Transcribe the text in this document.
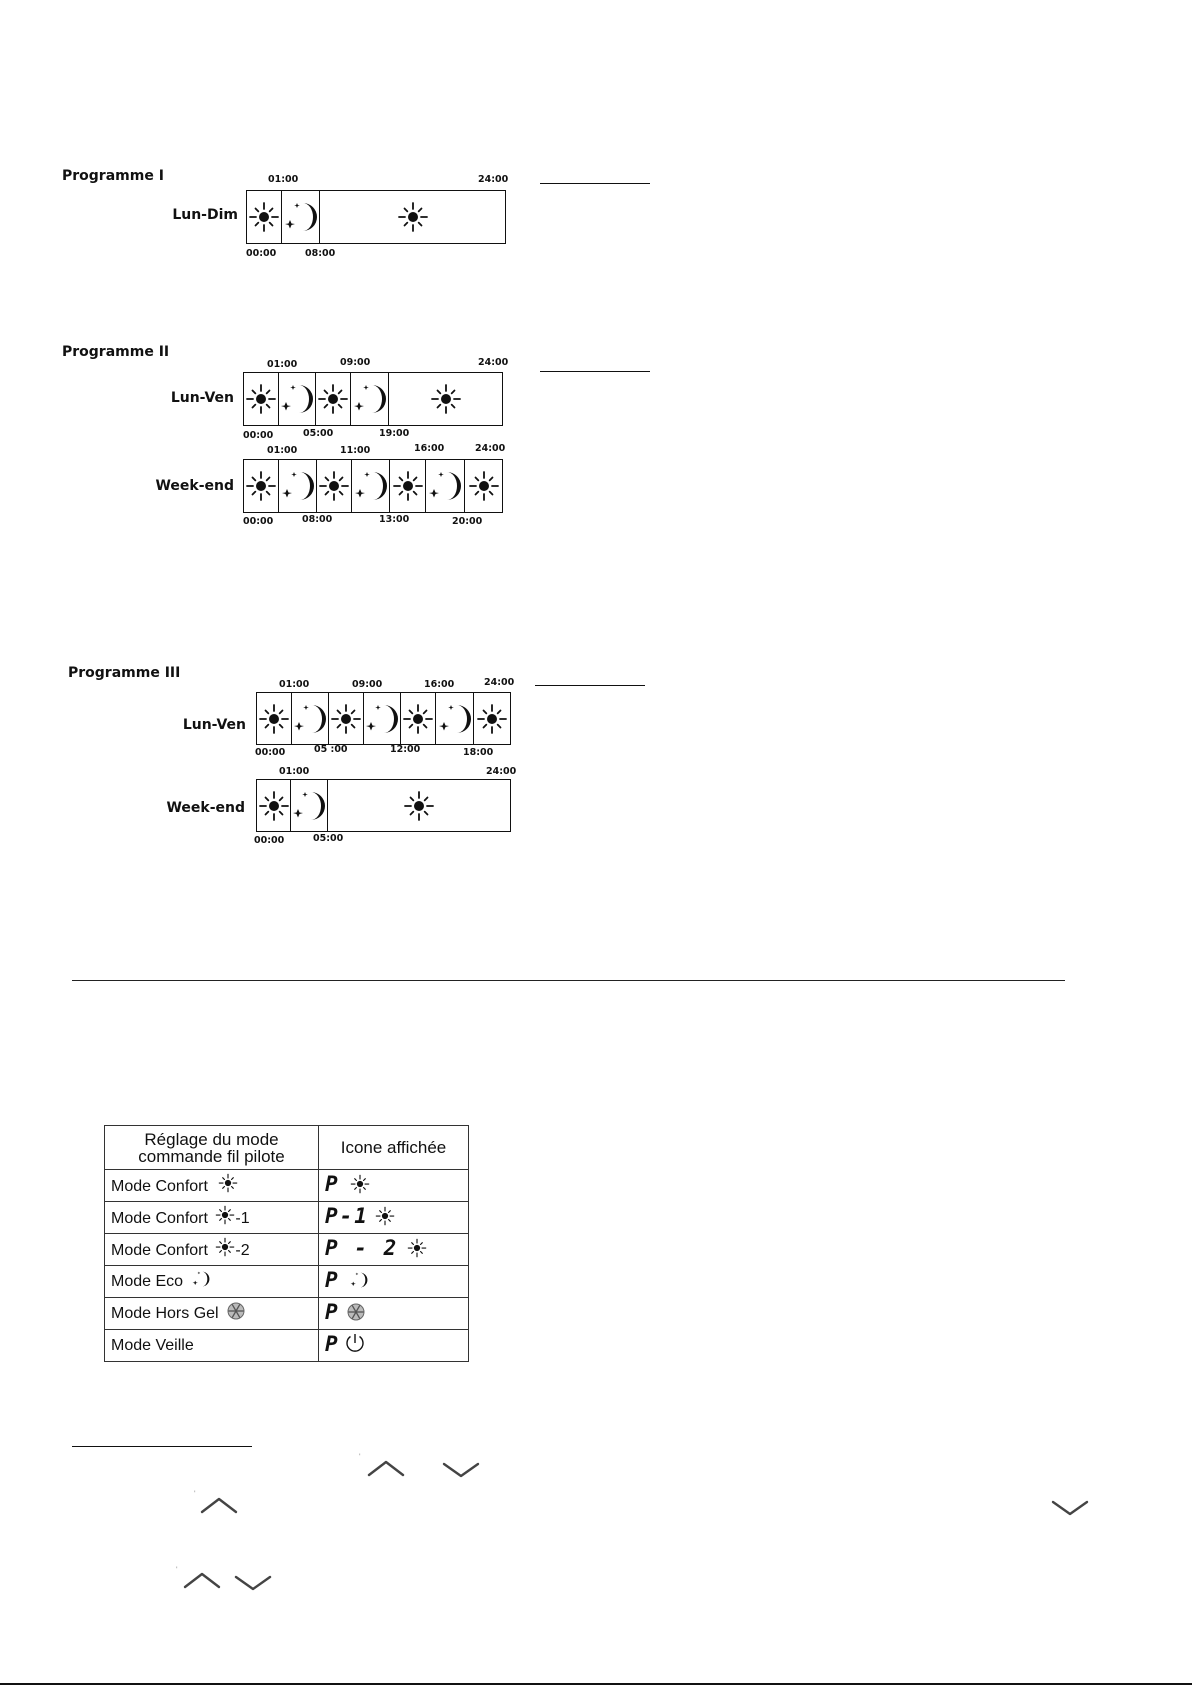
Programme I	01:00	24:00
Lun-Dim
00:00	08:00
Programme II
01:00	09:00	24:00
Lun-Ven
00:00	05:00	19:00
01:00	11:00	16:00	24:00
Week-end
00:00	08:00	13:00	20:00
Programme III
01:00	09:00	16:00	24:00
Lun-Ven
00:00	05 :00	12:00	18:00
01:00	24:00
Week-end
00:00	05:00
Réglage du mode
commande fil pilote	Icone affichée
Mode Confort	P
Mode Confort -1	P-1
Mode Confort -2	P - 2
Mode Eco	P
Mode Hors Gel	P
Mode Veille	P
'
'
'
